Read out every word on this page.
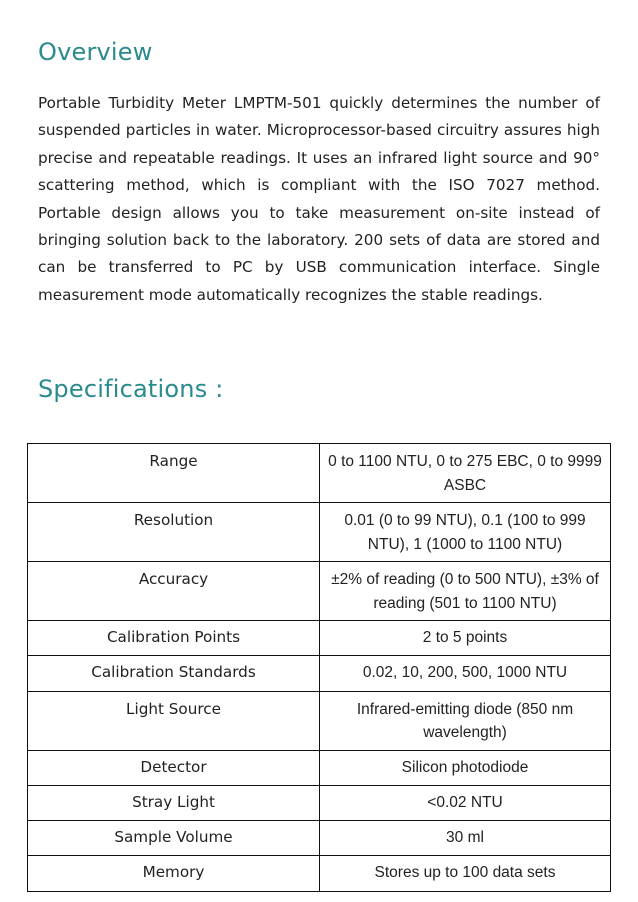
Overview

Portable Turbidity Meter LMPTM-501 quickly determines the number of suspended particles in water. Microprocessor-based circuitry assures high precise and repeatable readings. It uses an infrared light source and 90° scattering method, which is compliant with the ISO 7027 method. Portable design allows you to take measurement on-site instead of bringing solution back to the laboratory. 200 sets of data are stored and can be transferred to PC by USB communication interface. Single measurement mode automatically recognizes the stable readings.

Specifications :
Range	0 to 1100 NTU, 0 to 275 EBC, 0 to 9999 ASBC
Resolution	0.01 (0 to 99 NTU), 0.1 (100 to 999 NTU), 1 (1000 to 1100 NTU)
Accuracy	±2% of reading (0 to 500 NTU), ±3% of reading (501 to 1100 NTU)
Calibration Points	2 to 5 points
Calibration Standards	0.02, 10, 200, 500, 1000 NTU
Light Source	Infrared-emitting diode (850 nm wavelength)
Detector	Silicon photodiode
Stray Light	<0.02 NTU
Sample Volume	30 ml
Memory	Stores up to 100 data sets
